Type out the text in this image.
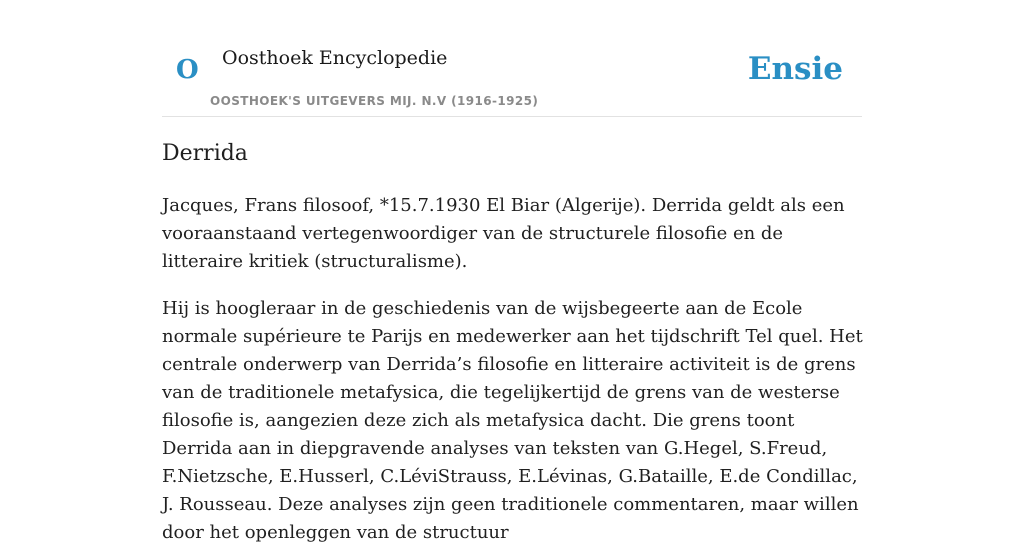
O Oosthoek Encyclopedie
OOSTHOEK'S UITGEVERS MIJ. N.V (1916-1925)
Ensie
Derrida

Jacques, Frans filosoof, *15.7.1930 El Biar (Algerije). Derrida geldt als een vooraanstaand vertegenwoordiger van de structurele filosofie en de litteraire kritiek (structuralisme).

Hij is hoogleraar in de geschiedenis van de wijsbegeerte aan de Ecole normale supérieure te Parijs en medewerker aan het tijdschrift Tel quel. Het centrale onderwerp van Derrida’s filosofie en litteraire activiteit is de grens van de traditionele metafysica, die tegelijkertijd de grens van de westerse filosofie is, aangezien deze zich als metafysica dacht. Die grens toont Derrida aan in diepgravende analyses van teksten van G.Hegel, S.Freud, F.Nietzsche, E.Husserl, C.LéviStrauss, E.Lévinas, G.Bataille, E.de Condillac, J. Rousseau. Deze analyses zijn geen traditionele commentaren, maar willen door het openleggen van de structuur
